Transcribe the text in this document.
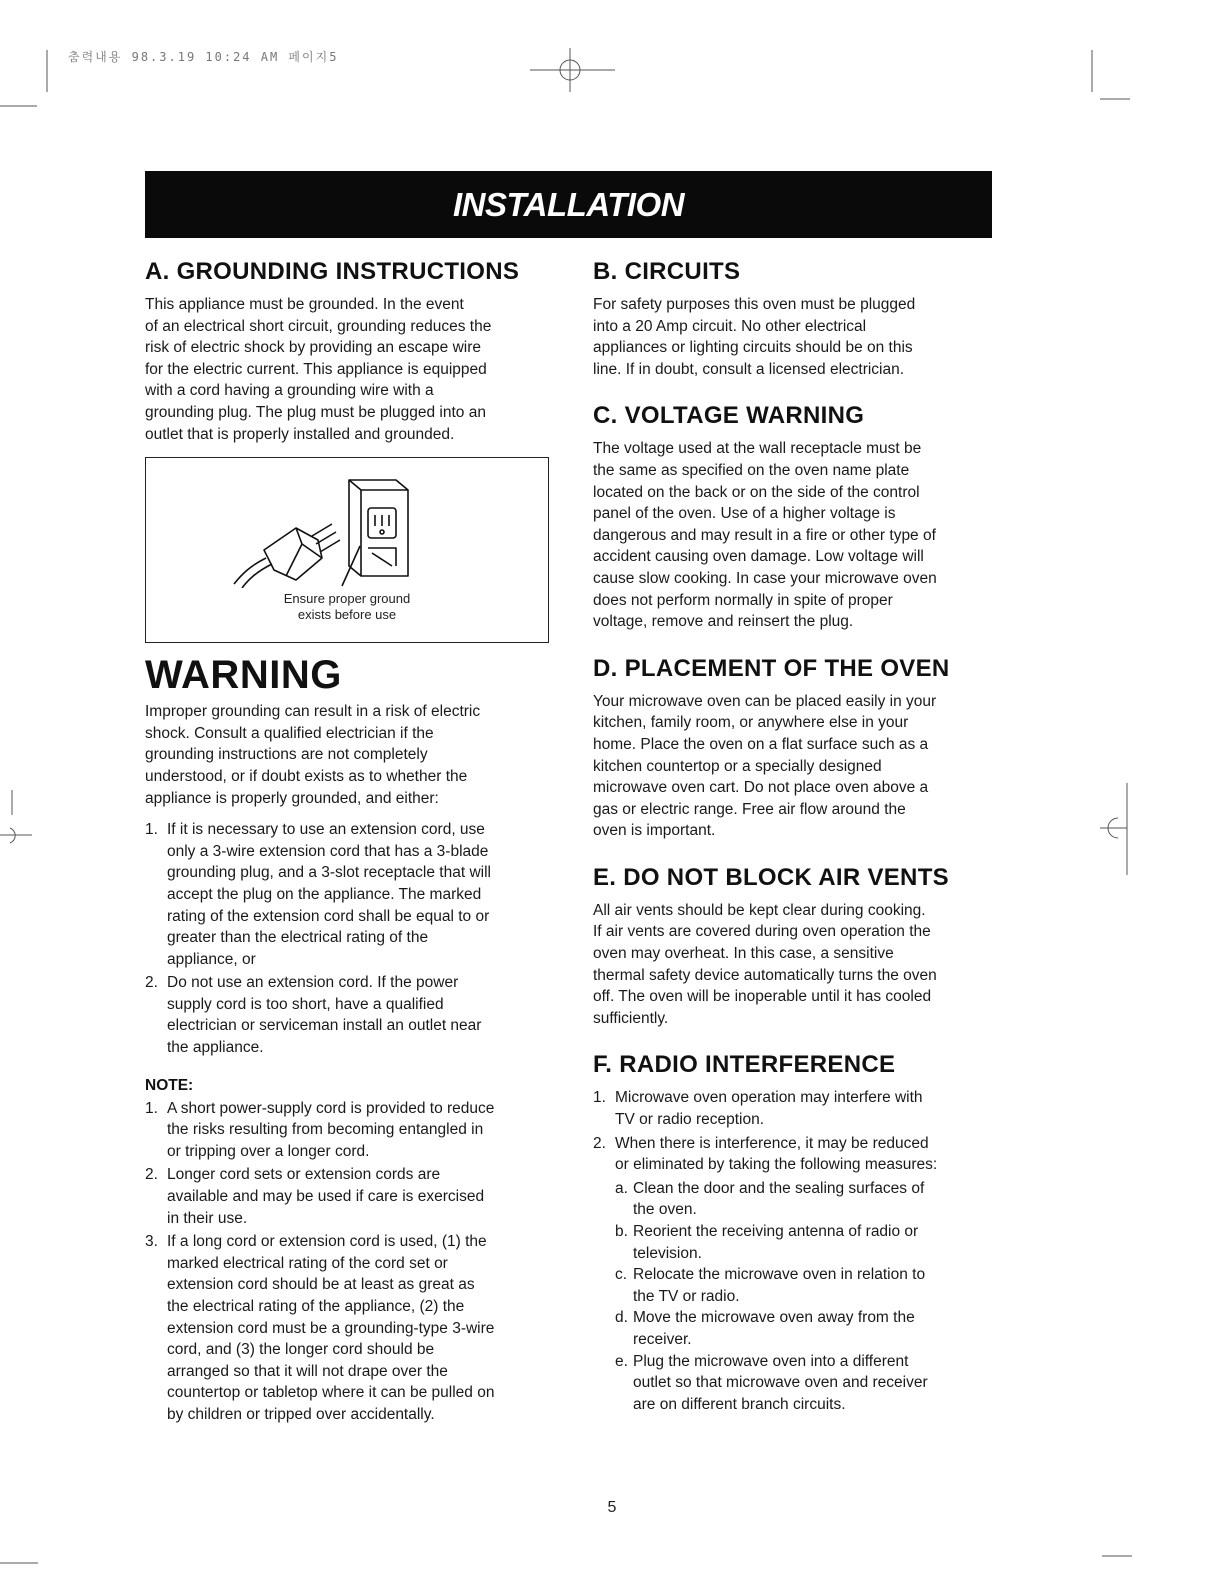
춤력내용 98.3.19 10:24 AM 페이지5
INSTALLATION
A. GROUNDING INSTRUCTIONS

This appliance must be grounded. In the event
of an electrical short circuit, grounding reduces the
risk of electric shock by providing an escape wire
for the electric current. This appliance is equipped
with a cord having a grounding wire with a
grounding plug. The plug must be plugged into an
outlet that is properly installed and grounded.

Ensure proper ground
exists before use
WARNING

Improper grounding can result in a risk of electric
shock. Consult a qualified electrician if the
grounding instructions are not completely
understood, or if doubt exists as to whether the
appliance is properly grounded, and either:

1. If it is necessary to use an extension cord, use
only a 3-wire extension cord that has a 3-blade
grounding plug, and a 3-slot receptacle that will
accept the plug on the appliance. The marked
rating of the extension cord shall be equal to or
greater than the electrical rating of the
appliance, or
2. Do not use an extension cord. If the power
supply cord is too short, have a qualified
electrician or serviceman install an outlet near
the appliance.
NOTE:
1. A short power-supply cord is provided to reduce
the risks resulting from becoming entangled in
or tripping over a longer cord.
2. Longer cord sets or extension cords are
available and may be used if care is exercised
in their use.
3. If a long cord or extension cord is used, (1) the
marked electrical rating of the cord set or
extension cord should be at least as great as
the electrical rating of the appliance, (2) the
extension cord must be a grounding-type 3-wire
cord, and (3) the longer cord should be
arranged so that it will not drape over the
countertop or tabletop where it can be pulled on
by children or tripped over accidentally.
B. CIRCUITS

For safety purposes this oven must be plugged
into a 20 Amp circuit. No other electrical
appliances or lighting circuits should be on this
line. If in doubt, consult a licensed electrician.

C. VOLTAGE WARNING

The voltage used at the wall receptacle must be
the same as specified on the oven name plate
located on the back or on the side of the control
panel of the oven. Use of a higher voltage is
dangerous and may result in a fire or other type of
accident causing oven damage. Low voltage will
cause slow cooking. In case your microwave oven
does not perform normally in spite of proper
voltage, remove and reinsert the plug.

D. PLACEMENT OF THE OVEN

Your microwave oven can be placed easily in your
kitchen, family room, or anywhere else in your
home. Place the oven on a flat surface such as a
kitchen countertop or a specially designed
microwave oven cart. Do not place oven above a
gas or electric range. Free air flow around the
oven is important.

E. DO NOT BLOCK AIR VENTS

All air vents should be kept clear during cooking.
If air vents are covered during oven operation the
oven may overheat. In this case, a sensitive
thermal safety device automatically turns the oven
off. The oven will be inoperable until it has cooled
sufficiently.

F. RADIO INTERFERENCE
1. Microwave oven operation may interfere with
TV or radio reception.
2. When there is interference, it may be reduced
or eliminated by taking the following measures:
a. Clean the door and the sealing surfaces of
the oven.
b. Reorient the receiving antenna of radio or
television.
c. Relocate the microwave oven in relation to
the TV or radio.
d. Move the microwave oven away from the
receiver.
e. Plug the microwave oven into a different
outlet so that microwave oven and receiver
are on different branch circuits.
5
